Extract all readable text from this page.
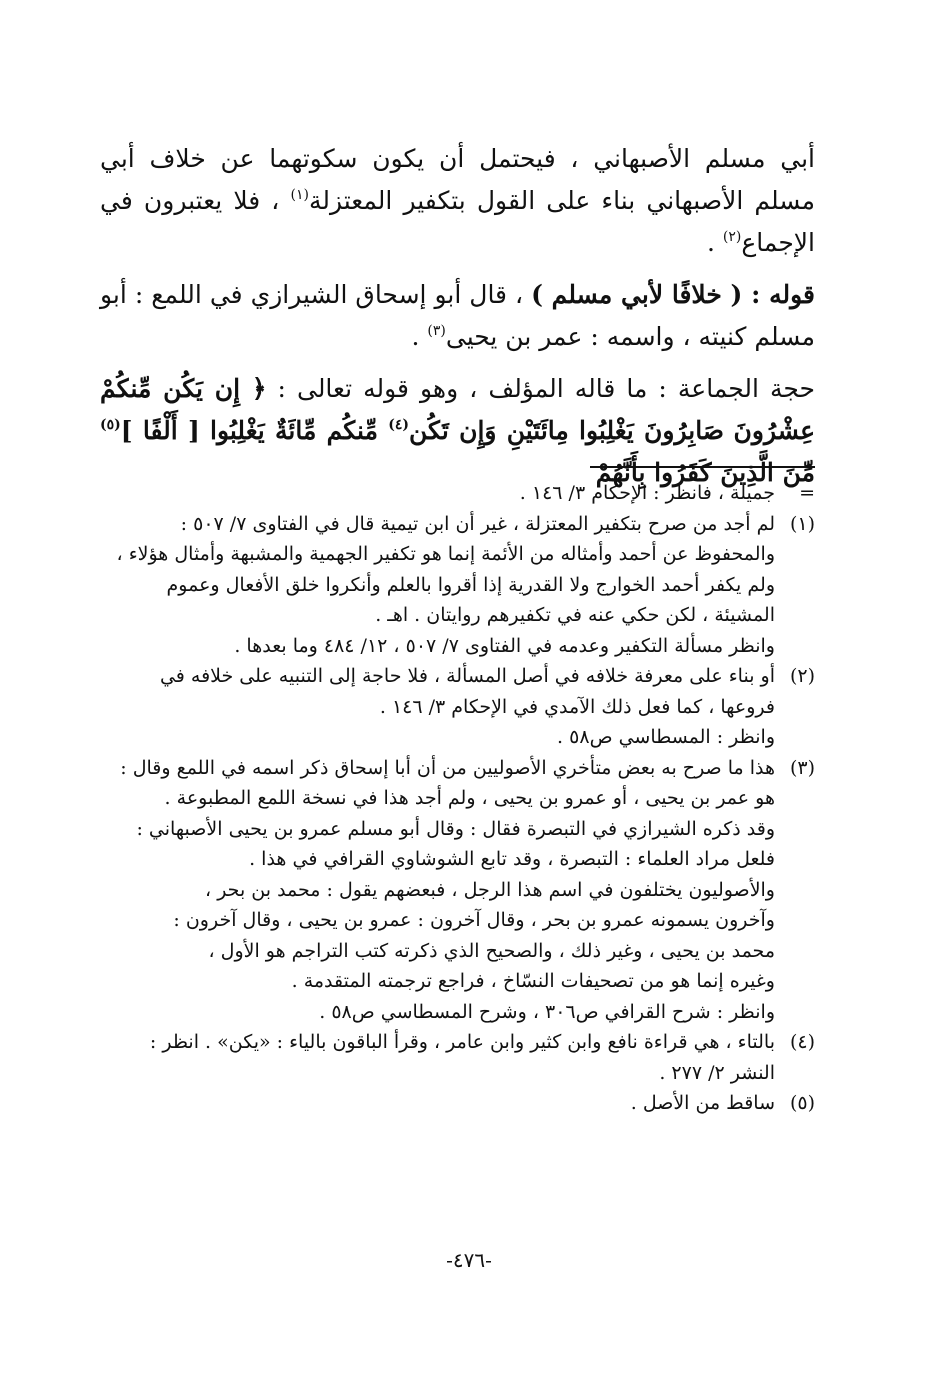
أبي مسلم الأصبهاني ، فيحتمل أن يكون سكوتهما عن خلاف أبي مسلم الأصبهاني بناء على القول بتكفير المعتزلة$^{(١)}$ ، فلا يعتبرون في الإجماع$^{(٢)}$ .

قوله : ( خلافًا لأبي مسلم ) ، قال أبو إسحاق الشيرازي في اللمع : أبو مسلم كنيته ، واسمه : عمر بن يحيى$^{(٣)}$ .

حجة الجماعة : ما قاله المؤلف ، وهو قوله تعالى : ﴿ إِن يَكُن مِّنكُمْ عِشْرُونَ صَابِرُونَ يَغْلِبُوا مِائَتَيْنِ وَإِن تَكُن$^{(٤)}$ مِّنكُم مِّائَةٌ يَغْلِبُوا [ أَلْفًا ]$^{(٥)}$ مِّنَ الَّذِينَ كَفَرُوا بِأَنَّهُمْ

=
جميلة ، فانظر : الإحكام ٣/ ١٤٦ .
(١)
لم أجد من صرح بتكفير المعتزلة ، غير أن ابن تيمية قال في الفتاوى ٧/ ٥٠٧ :
والمحفوظ عن أحمد وأمثاله من الأئمة إنما هو تكفير الجهمية والمشبهة وأمثال هؤلاء ،
ولم يكفر أحمد الخوارج ولا القدرية إذا أقروا بالعلم وأنكروا خلق الأفعال وعموم
المشيئة ، لكن حكي عنه في تكفيرهم روايتان . اهـ .
وانظر مسألة التكفير وعدمه في الفتاوى ٧/ ٥٠٧ ، ١٢/ ٤٨٤ وما بعدها .
(٢)
أو بناء على معرفة خلافه في أصل المسألة ، فلا حاجة إلى التنبيه على خلافه في
فروعها ، كما فعل ذلك الآمدي في الإحكام ٣/ ١٤٦ .
وانظر : المسطاسي ص٥٨ .
(٣)
هذا ما صرح به بعض متأخري الأصوليين من أن أبا إسحاق ذكر اسمه في اللمع وقال :
هو عمر بن يحيى ، أو عمرو بن يحيى ، ولم أجد هذا في نسخة اللمع المطبوعة .
وقد ذكره الشيرازي في التبصرة فقال : وقال أبو مسلم عمرو بن يحيى الأصبهاني :
فلعل مراد العلماء : التبصرة ، وقد تابع الشوشاوي القرافي في هذا .
والأصوليون يختلفون في اسم هذا الرجل ، فبعضهم يقول : محمد بن بحر ،
وآخرون يسمونه عمرو بن بحر ، وقال آخرون : عمرو بن يحيى ، وقال آخرون :
محمد بن يحيى ، وغير ذلك ، والصحيح الذي ذكرته كتب التراجم هو الأول ،
وغيره إنما هو من تصحيفات النسّاخ ، فراجع ترجمته المتقدمة .
وانظر : شرح القرافي ص٣٠٦ ، وشرح المسطاسي ص٥٨ .
(٤)
بالتاء ، هي قراءة نافع وابن كثير وابن عامر ، وقرأ الباقون بالياء : «يكن» . انظر :
النشر ٢/ ٢٧٧ .
(٥)
ساقط من الأصل .
-٤٧٦-
